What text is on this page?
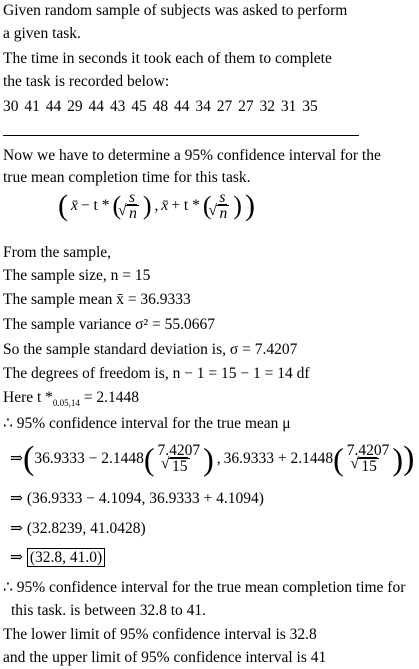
Given random sample of subjects was asked to perform
a given task.
The time in seconds it took each of them to complete
the task is recorded below:
30 41 44 29 44 43 45 48 44 34 27 27 32 31 35
Now we have to determine a 95% confidence interval for the
true mean completion time for this task.
( x̄ − t * ( s
√ n ) , x̄ + t * ( s
√ n ) )
From the sample,
The sample size, n = 15
The sample mean x̄ = 36.9333
The sample variance σ² = 55.0667
So the sample standard deviation is, σ = 7.4207
The degrees of freedom is, n − 1 = 15 − 1 = 14 df
Here t $*_{0.05,14} = 2.1448$
∴ 95% confidence interval for the true mean μ
⇒ ( 36.9333 − 2.1448 ( 7.4207
√ 15 ) , 36.9333 + 2.1448 ( 7.4207
√ 15 ) )
⇒ (36.9333 − 4.1094, 36.9333 + 4.1094)
⇒ (32.8239, 41.0428)
⇒ (32.8, 41.0)
∴ 95% confidence interval for the true mean completion time for
this task. is between 32.8 to 41.
The lower limit of 95% confidence interval is 32.8
and the upper limit of 95% confidence interval is 41
